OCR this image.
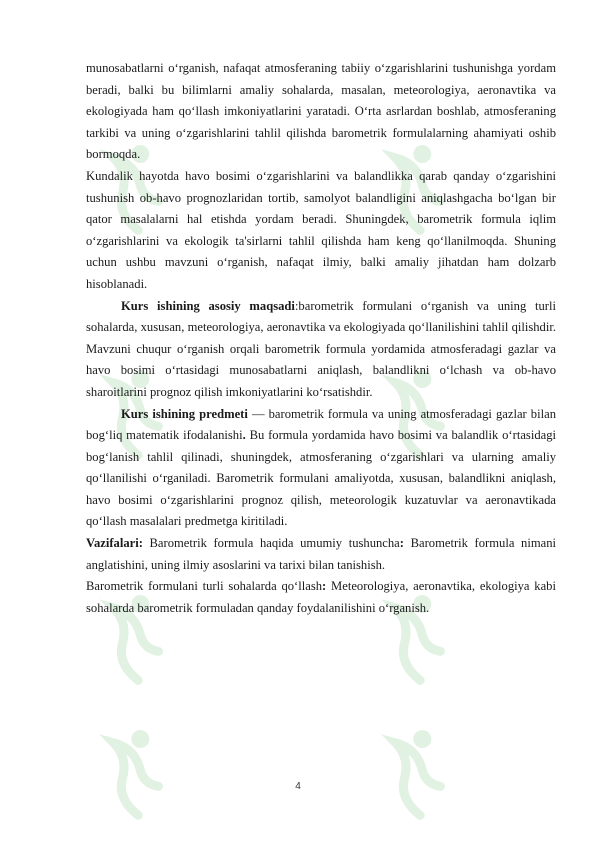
munosabatlarni o‘rganish, nafaqat atmosferaning tabiiy o‘zgarishlarini tushunishga yordam beradi, balki bu bilimlarni amaliy sohalarda, masalan, meteorologiya, aeronavtika va ekologiyada ham qo‘llash imkoniyatlarini yaratadi. O‘rta asrlardan boshlab, atmosferaning tarkibi va uning o‘zgarishlarini tahlil qilishda barometrik formulalarning ahamiyati oshib bormoqda.

Kundalik hayotda havo bosimi o‘zgarishlarini va balandlikka qarab qanday o‘zgarishini tushunish ob-havo prognozlaridan tortib, samolyot balandligini aniqlashgacha bo‘lgan bir qator masalalarni hal etishda yordam beradi. Shuningdek, barometrik formula iqlim o‘zgarishlarini va ekologik ta'sirlarni tahlil qilishda ham keng qo‘llanilmoqda. Shuning uchun ushbu mavzuni o‘rganish, nafaqat ilmiy, balki amaliy jihatdan ham dolzarb hisoblanadi.

Kurs ishining asosiy maqsadi:barometrik formulani o‘rganish va uning turli sohalarda, xususan, meteorologiya, aeronavtika va ekologiyada qo‘llanilishini tahlil qilishdir. Mavzuni chuqur o‘rganish orqali barometrik formula yordamida atmosferadagi gazlar va havo bosimi o‘rtasidagi munosabatlarni aniqlash, balandlikni o‘lchash va ob-havo sharoitlarini prognoz qilish imkoniyatlarini ko‘rsatishdir.

Kurs ishining predmeti — barometrik formula va uning atmosferadagi gazlar bilan bog‘liq matematik ifodalanishi. Bu formula yordamida havo bosimi va balandlik o‘rtasidagi bog‘lanish tahlil qilinadi, shuningdek, atmosferaning o‘zgarishlari va ularning amaliy qo‘llanilishi o‘rganiladi. Barometrik formulani amaliyotda, xususan, balandlikni aniqlash, havo bosimi o‘zgarishlarini prognoz qilish, meteorologik kuzatuvlar va aeronavtikada qo‘llash masalalari predmetga kiritiladi.

Vazifalari: Barometrik formula haqida umumiy tushuncha: Barometrik formula nimani anglatishini, uning ilmiy asoslarini va tarixi bilan tanishish.

Barometrik formulani turli sohalarda qo‘llash: Meteorologiya, aeronavtika, ekologiya kabi sohalarda barometrik formuladan qanday foydalanilishini o‘rganish.

4
